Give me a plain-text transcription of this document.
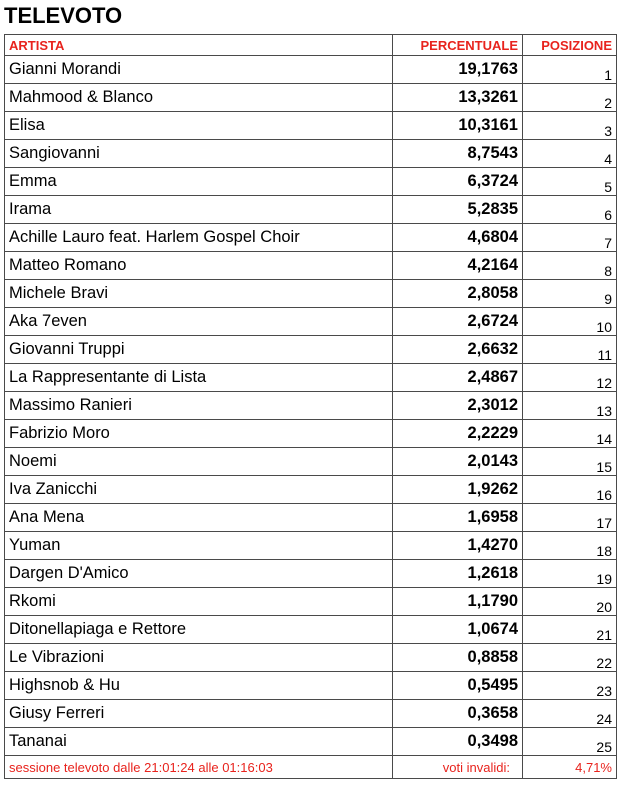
TELEVOTO
ARTISTA	PERCENTUALE	POSIZIONE
Gianni Morandi	19,1763	1
Mahmood & Blanco	13,3261	2
Elisa	10,3161	3
Sangiovanni	8,7543	4
Emma	6,3724	5
Irama	5,2835	6
Achille Lauro feat. Harlem Gospel Choir	4,6804	7
Matteo Romano	4,2164	8
Michele Bravi	2,8058	9
Aka 7even	2,6724	10
Giovanni Truppi	2,6632	11
La Rappresentante di Lista	2,4867	12
Massimo Ranieri	2,3012	13
Fabrizio Moro	2,2229	14
Noemi	2,0143	15
Iva Zanicchi	1,9262	16
Ana Mena	1,6958	17
Yuman	1,4270	18
Dargen D'Amico	1,2618	19
Rkomi	1,1790	20
Ditonellapiaga e Rettore	1,0674	21
Le Vibrazioni	0,8858	22
Highsnob & Hu	0,5495	23
Giusy Ferreri	0,3658	24
Tananai	0,3498	25
sessione televoto dalle 21:01:24 alle 01:16:03	voti invalidi:	4,71%
